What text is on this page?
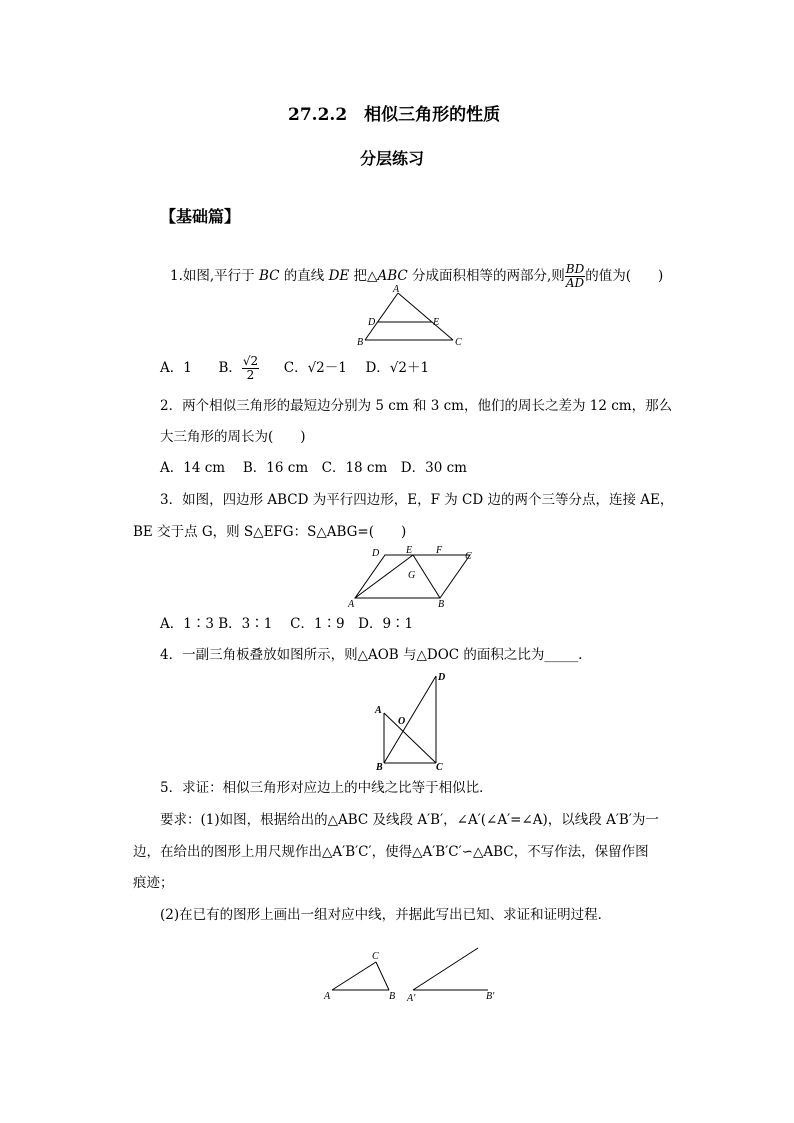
27.2.2　相似三角形的性质
分层练习
【基础篇】
1.如图,平行于 BC 的直线 DE 把△ABC 分成面积相等的两部分,则 $\frac{BD}{AD}$ 的值为(　　)
A
D	E
B	C
A．1 B． $\frac{√2}{2}$ C．√2－1 D．√2＋1
2．两个相似三角形的最短边分别为 5 cm 和 3 cm，他们的周长之差为 12 cm，那么
大三角形的周长为(　　)
A．14 cm　 B．16 cm　C．18 cm　D．30 cm
3．如图，四边形 ABCD 为平行四边形，E，F 为 CD 边的两个三等分点，连接 AE，
BE 交于点 G，则 S△EFG：S△ABG=(　　)
D	E F
C
G
A	B
A．1∶3 B．3∶1　 C．1∶9　D．9∶1
4．一副三角板叠放如图所示，则△AOB 与△DOC 的面积之比为_____.
D
A
O
B	C
5．求证：相似三角形对应边上的中线之比等于相似比．
要求：(1)如图，根据给出的△ABC 及线段 A′B′，∠A′(∠A′=∠A)，以线段 A′B′为一
边，在给出的图形上用尺规作出△A′B′C′，使得△A′B′C′∽△ABC，不写作法，保留作图
痕迹；
(2)在已有的图形上画出一组对应中线，并据此写出已知、求证和证明过程．
C
A	B A′	B′
